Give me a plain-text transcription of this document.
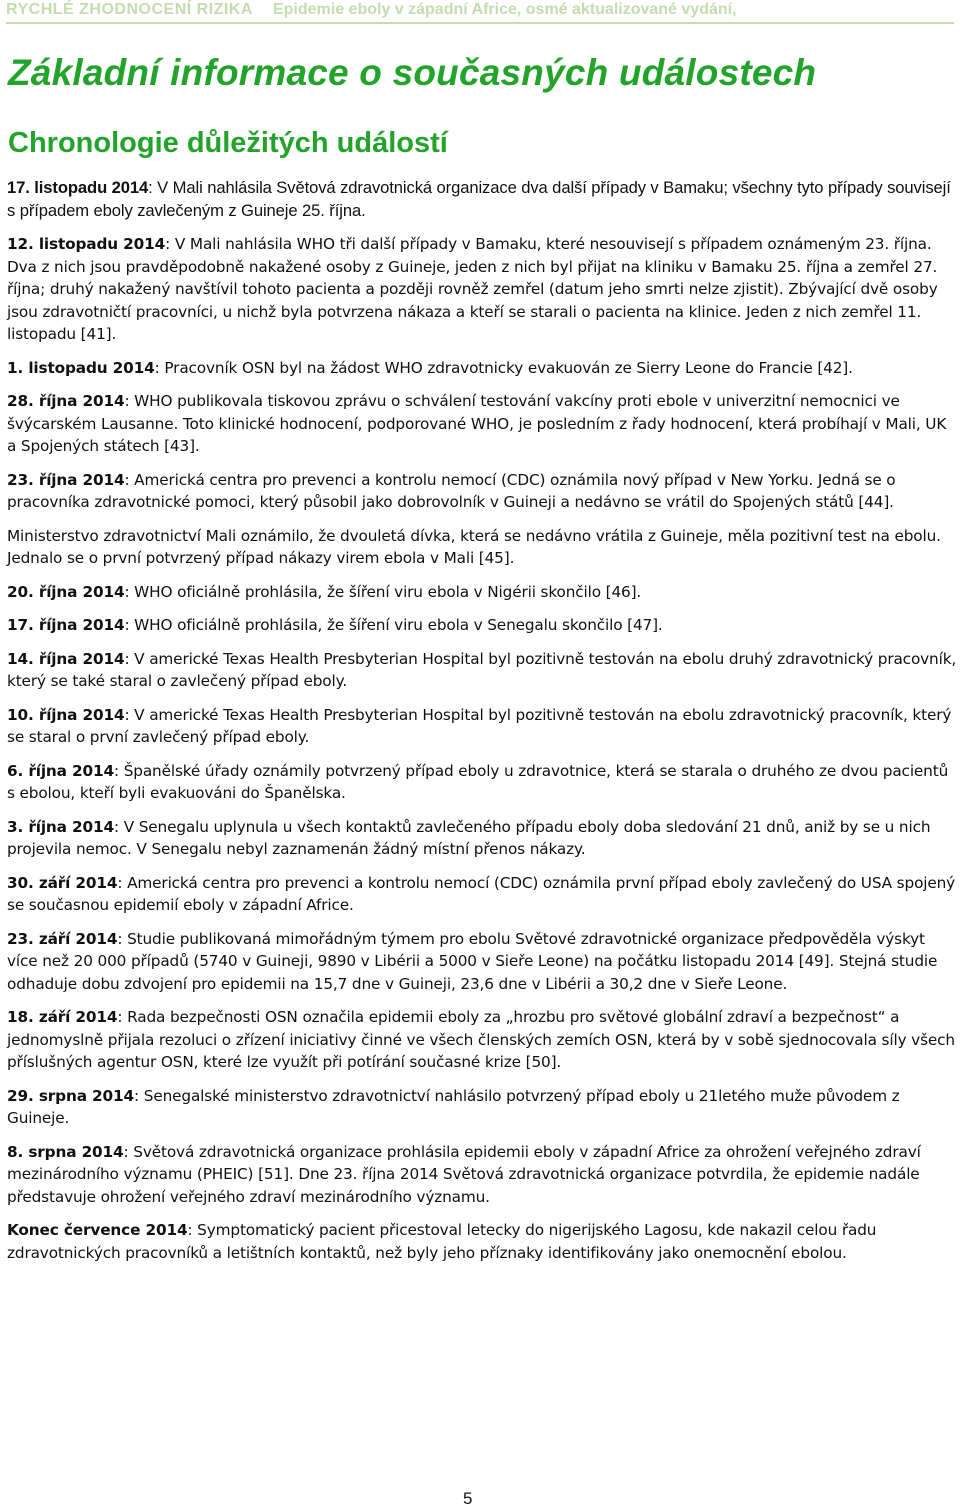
RYCHLÉ ZHODNOCENÍ RIZIKA Epidemie eboly v západní Africe, osmé aktualizované vydání,
Základní informace o současných událostech
Chronologie důležitých událostí

17. listopadu 2014: V Mali nahlásila Světová zdravotnická organizace dva další případy v Bamaku; všechny tyto případy souvisejí s případem eboly zavlečeným z Guineje 25. října.

12. listopadu 2014: V Mali nahlásila WHO tři další případy v Bamaku, které nesouvisejí s případem oznámeným 23. října. Dva z nich jsou pravděpodobně nakažené osoby z Guineje, jeden z nich byl přijat na kliniku v Bamaku 25. října a zemřel 27. října; druhý nakažený navštívil tohoto pacienta a později rovněž zemřel (datum jeho smrti nelze zjistit). Zbývající dvě osoby jsou zdravotničtí pracovníci, u nichž byla potvrzena nákaza a kteří se starali o pacienta na klinice. Jeden z nich zemřel 11. listopadu [41].

1. listopadu 2014: Pracovník OSN byl na žádost WHO zdravotnicky evakuován ze Sierry Leone do Francie [42].

28. října 2014: WHO publikovala tiskovou zprávu o schválení testování vakcíny proti ebole v univerzitní nemocnici ve švýcarském Lausanne. Toto klinické hodnocení, podporované WHO, je posledním z řady hodnocení, která probíhají v Mali, UK a Spojených státech [43].

23. října 2014: Americká centra pro prevenci a kontrolu nemocí (CDC) oznámila nový případ v New Yorku. Jedná se o pracovníka zdravotnické pomoci, který působil jako dobrovolník v Guineji a nedávno se vrátil do Spojených států [44].

Ministerstvo zdravotnictví Mali oznámilo, že dvouletá dívka, která se nedávno vrátila z Guineje, měla pozitivní test na ebolu. Jednalo se o první potvrzený případ nákazy virem ebola v Mali [45].

20. října 2014: WHO oficiálně prohlásila, že šíření viru ebola v Nigérii skončilo [46].

17. října 2014: WHO oficiálně prohlásila, že šíření viru ebola v Senegalu skončilo [47].

14. října 2014: V americké Texas Health Presbyterian Hospital byl pozitivně testován na ebolu druhý zdravotnický pracovník, který se také staral o zavlečený případ eboly.

10. října 2014: V americké Texas Health Presbyterian Hospital byl pozitivně testován na ebolu zdravotnický pracovník, který se staral o první zavlečený případ eboly.

6. října 2014: Španělské úřady oznámily potvrzený případ eboly u zdravotnice, která se starala o druhého ze dvou pacientů s ebolou, kteří byli evakuováni do Španělska.

3. října 2014: V Senegalu uplynula u všech kontaktů zavlečeného případu eboly doba sledování 21 dnů, aniž by se u nich projevila nemoc. V Senegalu nebyl zaznamenán žádný místní přenos nákazy.

30. září 2014: Americká centra pro prevenci a kontrolu nemocí (CDC) oznámila první případ eboly zavlečený do USA spojený se současnou epidemií eboly v západní Africe.

23. září 2014: Studie publikovaná mimořádným týmem pro ebolu Světové zdravotnické organizace předpověděla výskyt více než 20 000 případů (5740 v Guineji, 9890 v Libérii a 5000 v Sieře Leone) na počátku listopadu 2014 [49]. Stejná studie odhaduje dobu zdvojení pro epidemii na 15,7 dne v Guineji, 23,6 dne v Libérii a 30,2 dne v Sieře Leone.

18. září 2014: Rada bezpečnosti OSN označila epidemii eboly za „hrozbu pro světové globální zdraví a bezpečnost“ a jednomyslně přijala rezoluci o zřízení iniciativy činné ve všech členských zemích OSN, která by v sobě sjednocovala síly všech příslušných agentur OSN, které lze využít při potírání současné krize [50].

29. srpna 2014: Senegalské ministerstvo zdravotnictví nahlásilo potvrzený případ eboly u 21letého muže původem z Guineje.

8. srpna 2014: Světová zdravotnická organizace prohlásila epidemii eboly v západní Africe za ohrožení veřejného zdraví mezinárodního významu (PHEIC) [51]. Dne 23. října 2014 Světová zdravotnická organizace potvrdila, že epidemie nadále představuje ohrožení veřejného zdraví mezinárodního významu.

Konec července 2014: Symptomatický pacient přicestoval letecky do nigerijského Lagosu, kde nakazil celou řadu zdravotnických pracovníků a letištních kontaktů, než byly jeho příznaky identifikovány jako onemocnění ebolou.

5
